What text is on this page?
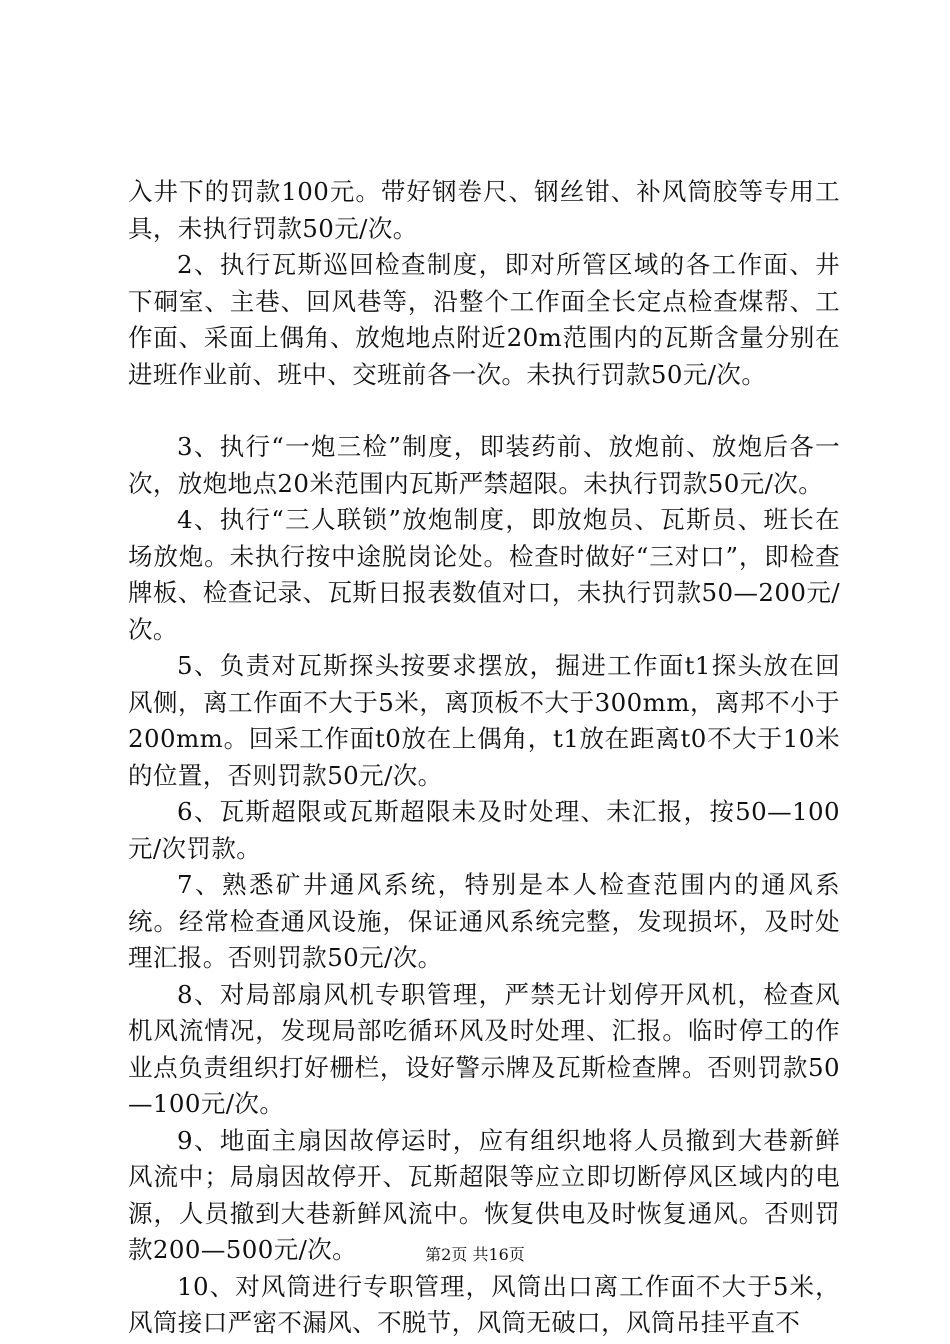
入井下的罚款100元。带好钢卷尺、钢丝钳、补风筒胶等专用工具，未执行罚款50元/次。

2、执行瓦斯巡回检查制度，即对所管区域的各工作面、井下硐室、主巷、回风巷等，沿整个工作面全长定点检查煤帮、工作面、采面上偶角、放炮地点附近20m范围内的瓦斯含量分别在进班作业前、班中、交班前各一次。未执行罚款50元/次。

3、执行“一炮三检”制度，即装药前、放炮前、放炮后各一次，放炮地点20米范围内瓦斯严禁超限。未执行罚款50元/次。

4、执行“三人联锁”放炮制度，即放炮员、瓦斯员、班长在场放炮。未执行按中途脱岗论处。检查时做好“三对口”，即检查牌板、检查记录、瓦斯日报表数值对口，未执行罚款50—200元/次。

5、负责对瓦斯探头按要求摆放，掘进工作面t1探头放在回风侧，离工作面不大于5米，离顶板不大于300mm，离邦不小于200mm。回采工作面t0放在上偶角，t1放在距离t0不大于10米的位置，否则罚款50元/次。

6、瓦斯超限或瓦斯超限未及时处理、未汇报，按50—100元/次罚款。

7、熟悉矿井通风系统，特别是本人检查范围内的通风系统。经常检查通风设施，保证通风系统完整，发现损坏，及时处理汇报。否则罚款50元/次。

8、对局部扇风机专职管理，严禁无计划停开风机，检查风机风流情况，发现局部吃循环风及时处理、汇报。临时停工的作业点负责组织打好栅栏，设好警示牌及瓦斯检查牌。否则罚款50—100元/次。

9、地面主扇因故停运时，应有组织地将人员撤到大巷新鲜风流中；局扇因故停开、瓦斯超限等应立即切断停风区域内的电源，人员撤到大巷新鲜风流中。恢复供电及时恢复通风。否则罚款200—500元/次。

10、对风筒进行专职管理，风筒出口离工作面不大于5米，风筒接口严密不漏风、不脱节，风筒无破口，风筒吊挂平直不

第2页 共16页
